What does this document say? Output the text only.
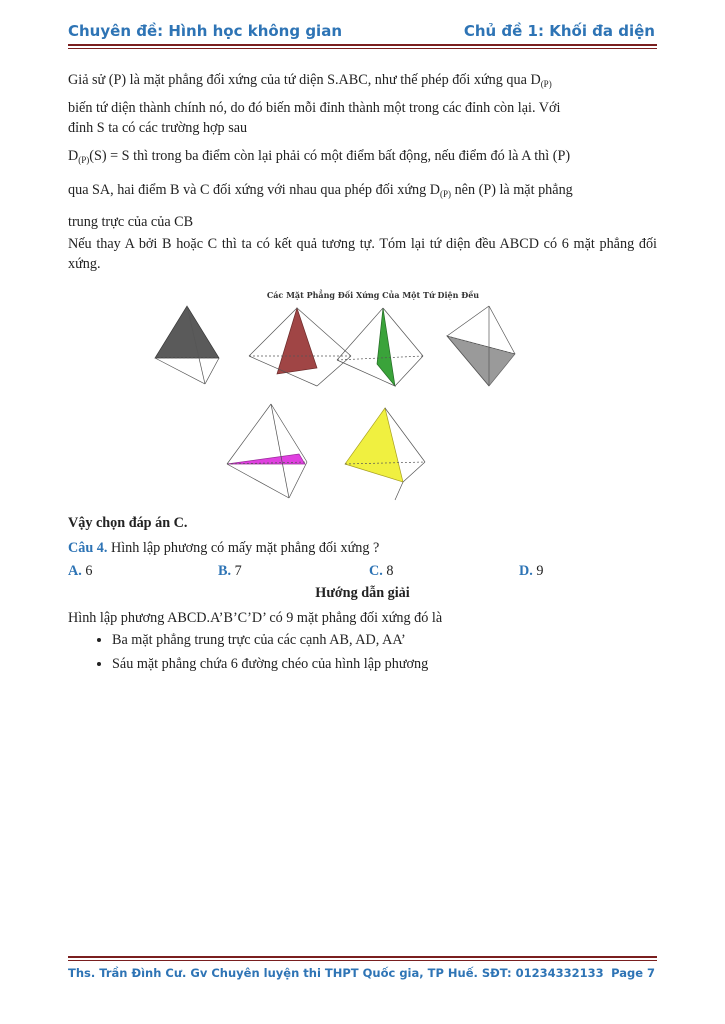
Chuyên đề: Hình học không gian	Chủ đề 1: Khối đa diện

Giả sử (P) là mặt phẳng đối xứng của tứ diện S.ABC, như thế phép đối xứng qua $D_{(P)}$

biến tứ diện thành chính nó, do đó biến mỗi đỉnh thành một trong các đỉnh còn lại. Với

đỉnh S ta có các trường hợp sau

$D_{(P)}(S) = S$ thì trong ba điểm còn lại phải có một điểm bất động, nếu điểm đó là A thì (P)

qua SA, hai điểm B và C đối xứng với nhau qua phép đối xứng $D_{(P)}$ nên (P) là mặt phẳng

trung trực của của CB

Nếu thay A bởi B hoặc C thì ta có kết quả tương tự. Tóm lại tứ diện đều ABCD có 6 mặt phẳng đối xứng.

Các Mặt Phẳng Đối Xứng Của Một Tứ Diện Đều
Vậy chọn đáp án C.
Câu 4. Hình lập phương có mấy mặt phẳng đối xứng ?
A. 6	B. 7	C. 8	D. 9
Hướng dẫn giải

Hình lập phương ABCD.A’B’C’D’ có 9 mặt phẳng đối xứng đó là

• Ba mặt phẳng trung trực của các cạnh AB, AD, AA’
• Sáu mặt phẳng chứa 6 đường chéo của hình lập phương
Ths. Trần Đình Cư. Gv Chuyên luyện thi THPT Quốc gia, TP Huế. SĐT: 01234332133 Page 7
